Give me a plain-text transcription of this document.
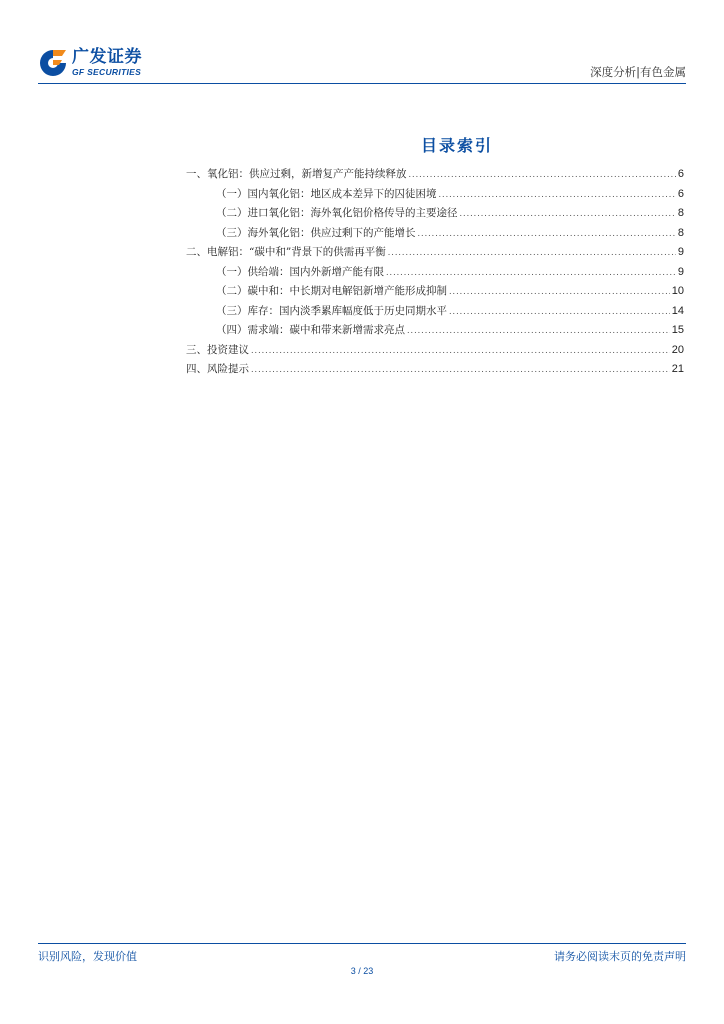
广发证券
GF SECURITIES	深度分析|有色金属
目录索引
一、氧化铝：供应过剩，新增复产产能持续释放 .....	6
（一）国内氧化铝：地区成本差异下的囚徒困境 .....	6
（二）进口氧化铝：海外氧化铝价格传导的主要途径 .....	8
（三）海外氧化铝：供应过剩下的产能增长 .....	8
二、电解铝：“碳中和”背景下的供需再平衡 .....	9
（一）供给端：国内外新增产能有限 .....	9
（二）碳中和：中长期对电解铝新增产能形成抑制 .....	10
（三）库存：国内淡季累库幅度低于历史同期水平 .....	14
（四）需求端：碳中和带来新增需求亮点 .....	15
三、投资建议 .....	20
四、风险提示 .....	21
识别风险，发现价值	请务必阅读末页的免责声明
3 / 23
